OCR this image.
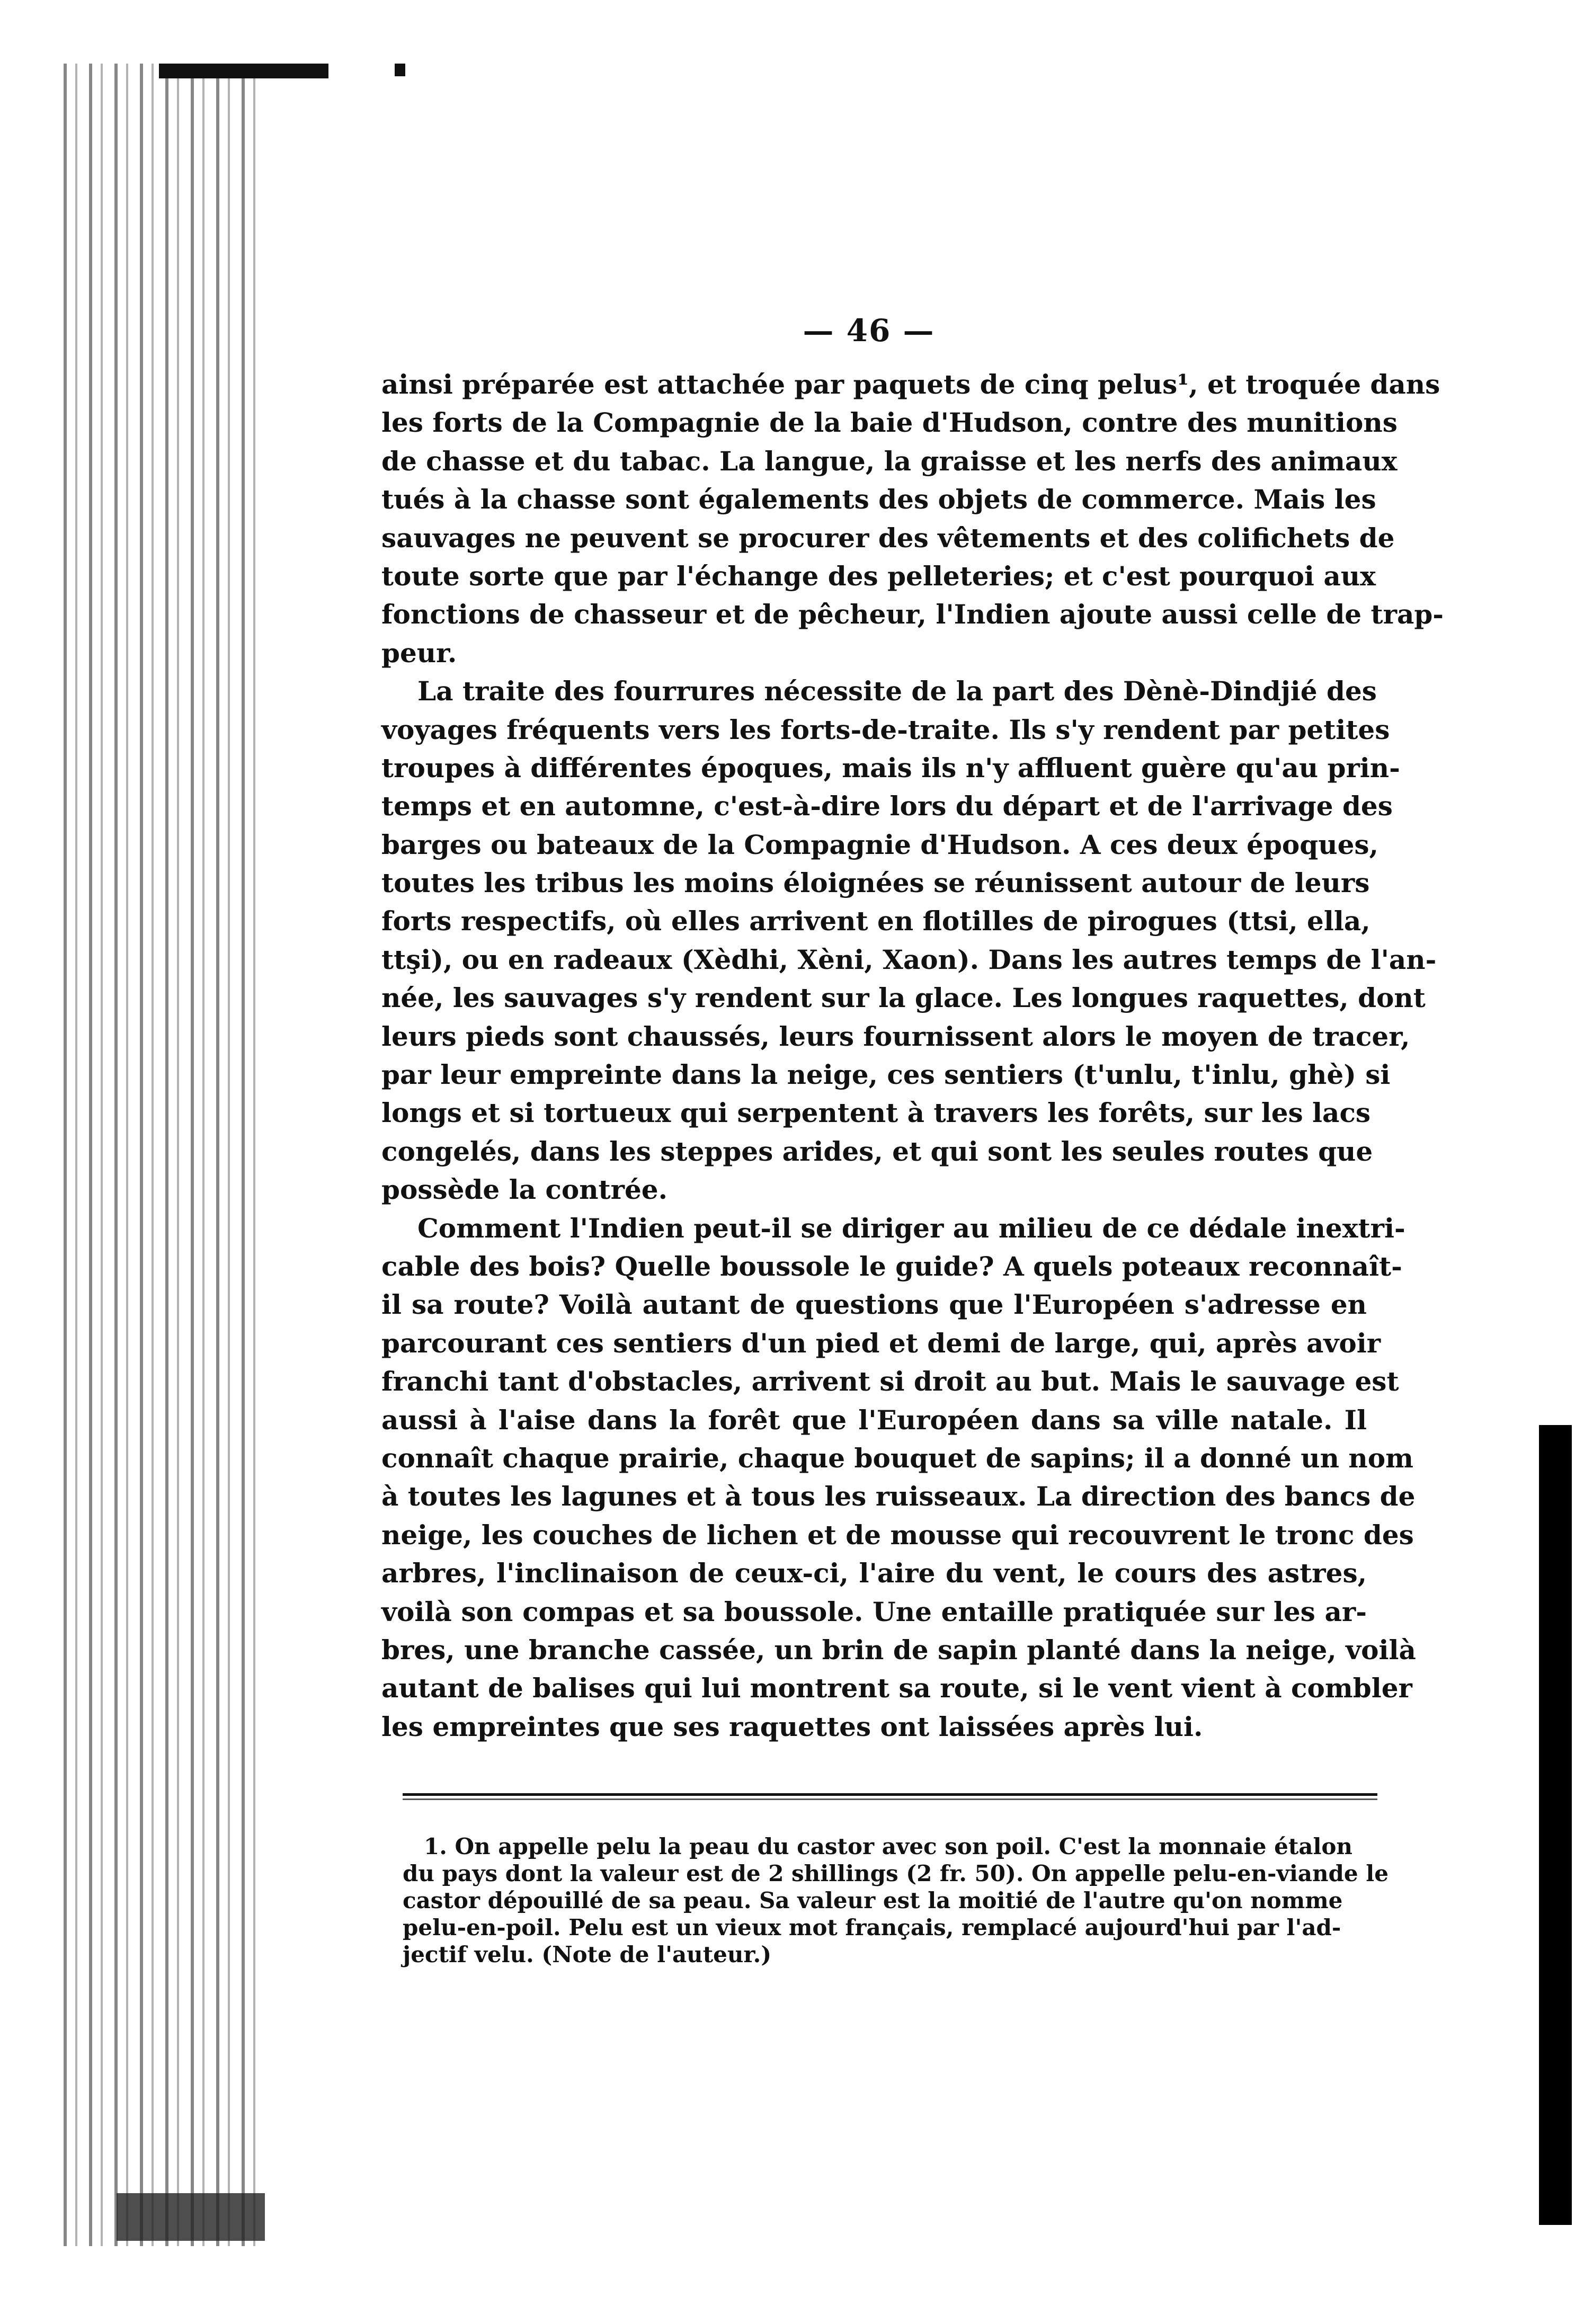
— 46 —
ainsi préparée est attachée par paquets de cinq pelus¹, et troquée dans
les forts de la Compagnie de la baie d'Hudson, contre des munitions
de chasse et du tabac. La langue, la graisse et les nerfs des animaux
tués à la chasse sont égalements des objets de commerce. Mais les
sauvages ne peuvent se procurer des vêtements et des colifichets de
toute sorte que par l'échange des pelleteries; et c'est pourquoi aux
fonctions de chasseur et de pêcheur, l'Indien ajoute aussi celle de trap-
peur.
La traite des fourrures nécessite de la part des Dènè-Dindjié des
voyages fréquents vers les forts-de-traite. Ils s'y rendent par petites
troupes à différentes époques, mais ils n'y affluent guère qu'au prin-
temps et en automne, c'est-à-dire lors du départ et de l'arrivage des
barges ou bateaux de la Compagnie d'Hudson. A ces deux époques,
toutes les tribus les moins éloignées se réunissent autour de leurs
forts respectifs, où elles arrivent en flotilles de pirogues (ttsi, ella,
ttşi), ou en radeaux (Xèdhi, Xèni, Xaon). Dans les autres temps de l'an-
née, les sauvages s'y rendent sur la glace. Les longues raquettes, dont
leurs pieds sont chaussés, leurs fournissent alors le moyen de tracer,
par leur empreinte dans la neige, ces sentiers (t'unlu, t'inlu, ghè) si
longs et si tortueux qui serpentent à travers les forêts, sur les lacs
congelés, dans les steppes arides, et qui sont les seules routes que
possède la contrée.
Comment l'Indien peut-il se diriger au milieu de ce dédale inextri-
cable des bois? Quelle boussole le guide? A quels poteaux reconnaît-
il sa route? Voilà autant de questions que l'Européen s'adresse en
parcourant ces sentiers d'un pied et demi de large, qui, après avoir
franchi tant d'obstacles, arrivent si droit au but. Mais le sauvage est
aussi à l'aise dans la forêt que l'Européen dans sa ville natale. Il
connaît chaque prairie, chaque bouquet de sapins; il a donné un nom
à toutes les lagunes et à tous les ruisseaux. La direction des bancs de
neige, les couches de lichen et de mousse qui recouvrent le tronc des
arbres, l'inclinaison de ceux-ci, l'aire du vent, le cours des astres,
voilà son compas et sa boussole. Une entaille pratiquée sur les ar-
bres, une branche cassée, un brin de sapin planté dans la neige, voilà
autant de balises qui lui montrent sa route, si le vent vient à combler
les empreintes que ses raquettes ont laissées après lui.
1. On appelle pelu la peau du castor avec son poil. C'est la monnaie étalon
du pays dont la valeur est de 2 shillings (2 fr. 50). On appelle pelu-en-viande le
castor dépouillé de sa peau. Sa valeur est la moitié de l'autre qu'on nomme
pelu-en-poil. Pelu est un vieux mot français, remplacé aujourd'hui par l'ad-
jectif velu. (Note de l'auteur.)
